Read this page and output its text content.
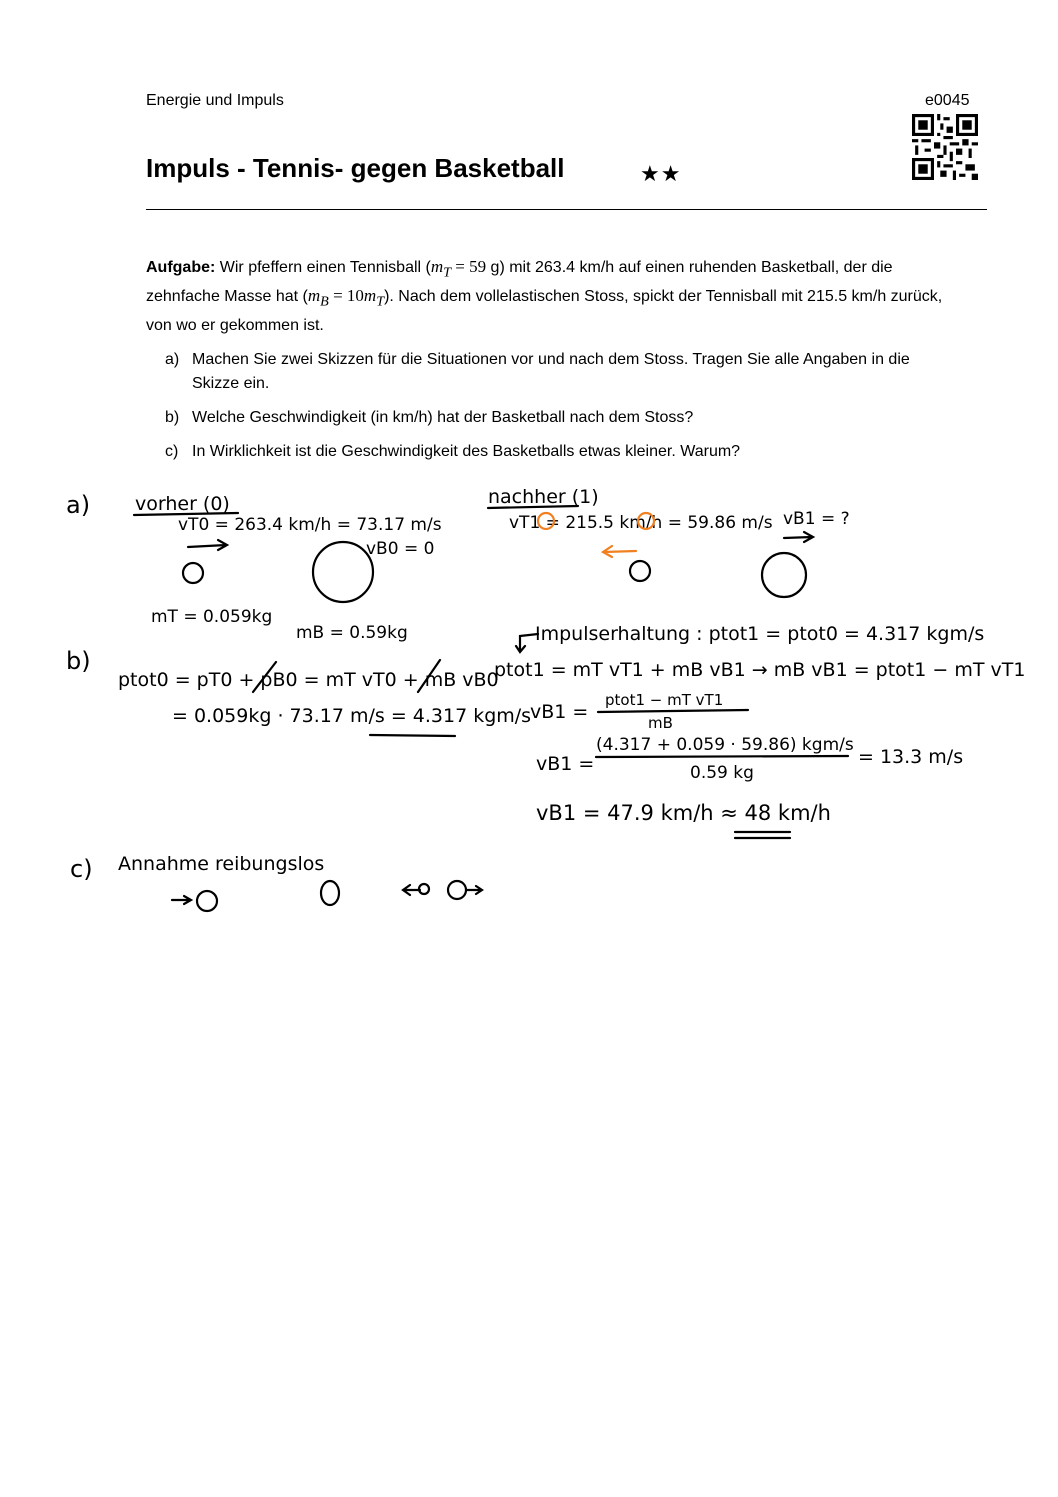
Energie und Impuls	e0045
Impuls - Tennis- gegen Basketball	★★
Aufgabe: Wir pfeffern einen Tennisball ($m_T = 59$ g) mit 263.4 km/h auf einen ruhenden Basketball, der die zehnfache Masse hat $(m_B = 10m_T)$. Nach dem vollelastischen Stoss, spickt der Tennisball mit 215.5 km/h zurück, von wo er gekommen ist.
a) Machen Sie zwei Skizzen für die Situationen vor und nach dem Stoss. Tragen Sie alle Angaben in die Skizze ein.
b) Welche Geschwindigkeit (in km/h) hat der Basketball nach dem Stoss?
c) In Wirklichkeit ist die Geschwindigkeit des Basketballs etwas kleiner. Warum?
a) vorher (0)
vT0 = 263.4 km/h = 73.17 m/s
vB0 = 0
mT = 0.059kg
mB = 0.59kg
nachher (1)
vT1 = 215.5 km/h = 59.86 m/s vB1 = ?
b)
ptot0 = pT0 + pB0 = mT vT0 + mB vB0
= 0.059kg · 73.17 m/s = 4.317 kgm/s
Impulserhaltung : ptot1 = ptot0 = 4.317 kgm/s
ptot1 = mT vT1 + mB vB1 → mB vB1 = ptot1 − mT vT1
vB1 =
ptot1 − mT vT1
mB
vB1 =
(4.317 + 0.059 · 59.86) kgm/s
0.59 kg
= 13.3 m/s
vB1 = 47.9 km/h ≈ 48 km/h
c) Annahme reibungslos
